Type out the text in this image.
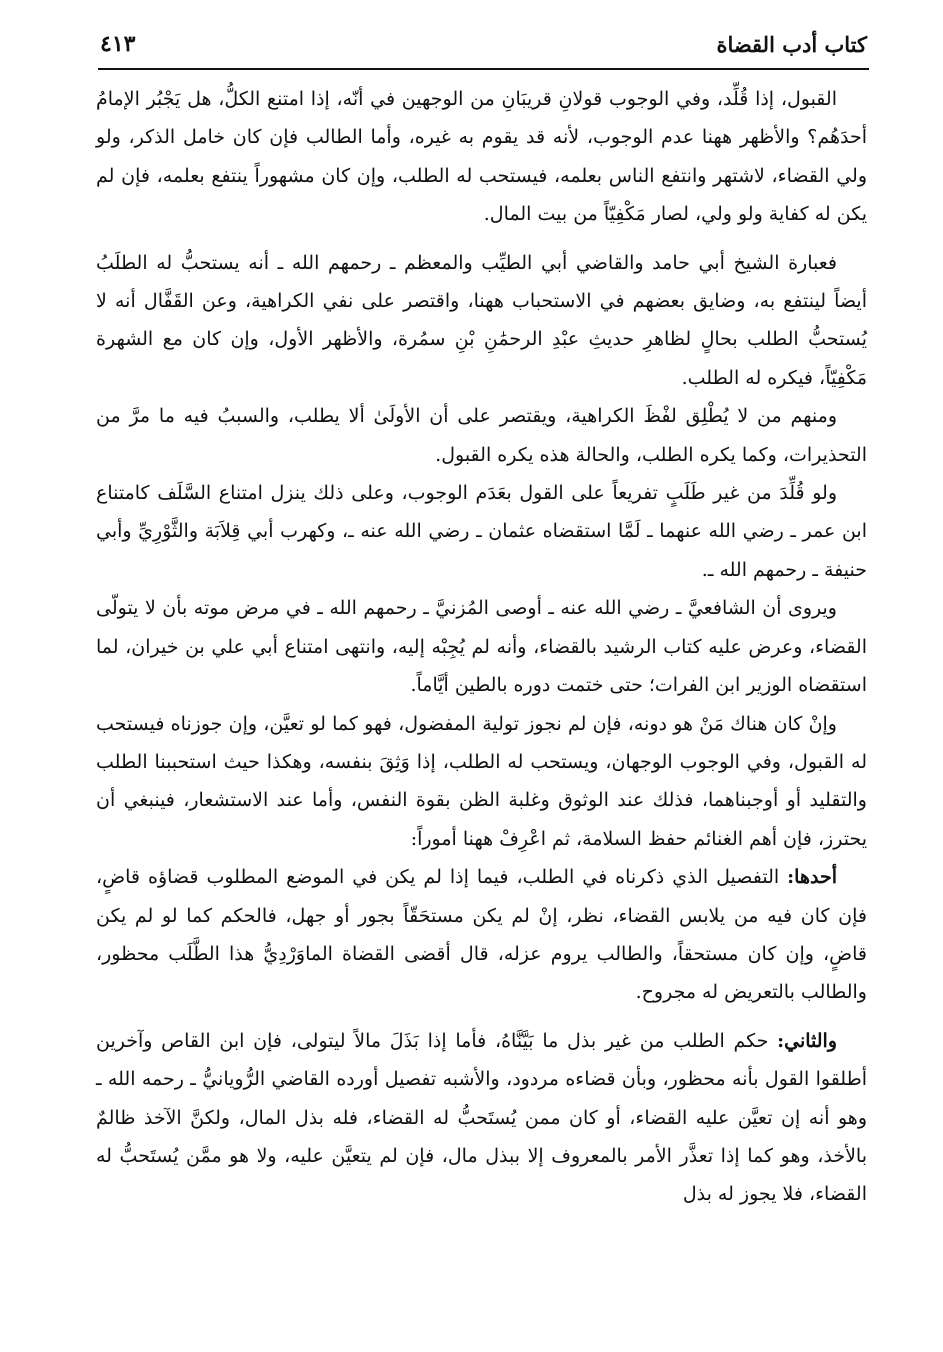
كتاب أدب القضاة
٤١٣

القبول، إذا قُلِّد، وفي الوجوب قولانِ قريبَانِ من الوجهين في أنّه، إذا امتنع الكلُّ، هل يَجْبُر الإمامُ أحدَهُم؟ والأظهر ههنا عدم الوجوب، لأنه قد يقوم به غيره، وأما الطالب فإن كان خامل الذكر، ولو ولي القضاء، لاشتهر وانتفع الناس بعلمه، فيستحب له الطلب، وإن كان مشهوراً ينتفع بعلمه، فإن لم يكن له كفاية ولو ولي، لصار مَكْفِيّاً من بيت المال.

فعبارة الشيخ أبي حامد والقاضي أبي الطيِّب والمعظم ـ رحمهم الله ـ أنه يستحبُّ له الطلَبُ أيضاً لينتفع به، وضايق بعضهم في الاستحباب ههنا، واقتصر على نفي الكراهية، وعن القَفَّال أنه لا يُستحبُّ الطلب بحالٍ لظاهرِ حديثِ عبْدِ الرحمَٰنِ بْنِ سمُرة، والأظهر الأول، وإن كان مع الشهرة مَكْفِيّاً، فيكره له الطلب.

ومنهم من لا يُطْلِق لفْظَ الكراهية، ويقتصر على أن الأولَىٰ ألا يطلب، والسببُ فيه ما مرَّ من التحذيرات، وكما يكره الطلب، والحالة هذه يكره القبول.

ولو قُلِّدَ من غير طَلَبٍ تفريعاً على القول بعَدَم الوجوب، وعلى ذلك ينزل امتناع السَّلَف كامتناع ابن عمر ـ رضي الله عنهما ـ لَمَّا استقضاه عثمان ـ رضي الله عنه ـ، وكهرب أبي قِلاَبَة والثَّوْرِيِّ وأبي حنيفة ـ رحمهم الله ـ.

ويروى أن الشافعيَّ ـ رضي الله عنه ـ أوصى المُزنيَّ ـ رحمهم الله ـ في مرض موته بأن لا يتولّى القضاء، وعرض عليه كتاب الرشيد بالقضاء، وأنه لم يُجِبْه إليه، وانتهى امتناع أبي علي بن خيران، لما استقضاه الوزير ابن الفرات؛ حتى ختمت دوره بالطين أيَّاماً.

وإنْ كان هناك مَنْ هو دونه، فإن لم نجوز تولية المفضول، فهو كما لو تعيَّن، وإن جوزناه فيستحب له القبول، وفي الوجوب الوجهان، ويستحب له الطلب، إذا وَثِقَ بنفسه، وهكذا حيث استحببنا الطلب والتقليد أو أوجبناهما، فذلك عند الوثوق وغلبة الظن بقوة النفس، وأما عند الاستشعار، فينبغي أن يحترز، فإن أهم الغنائم حفظ السلامة، ثم اعْرِفْ ههنا أموراً:

أحدها: التفصيل الذي ذكرناه في الطلب، فيما إذا لم يكن في الموضع المطلوب قضاؤه قاضٍ، فإن كان فيه من يلابس القضاء، نظر، إنْ لم يكن مستحَقّاً بجور أو جهل، فالحكم كما لو لم يكن قاضٍ، وإن كان مستحقاً، والطالب يروم عزله، قال أقضى القضاة الماوَرْدِيُّ هذا الطَّلَب محظور، والطالب بالتعريض له مجروح.

والثاني: حكم الطلب من غير بذل ما بَيَّنَّاهُ، فأما إذا بَذَلَ مالاً ليتولى، فإن ابن القاص وآخرين أطلقوا القول بأنه محظور، وبأن قضاءه مردود، والأشبه تفصيل أورده القاضي الرُّويانيُّ ـ رحمه الله ـ وهو أنه إن تعيَّن عليه القضاء، أو كان ممن يُستَحبُّ له القضاء، فله بذل المال، ولكنَّ الآخذ ظالمٌ بالأخذ، وهو كما إذا تعذَّر الأمر بالمعروف إلا ببذل مال، فإن لم يتعيَّن عليه، ولا هو ممَّن يُستَحبُّ له القضاء، فلا يجوز له بذل
